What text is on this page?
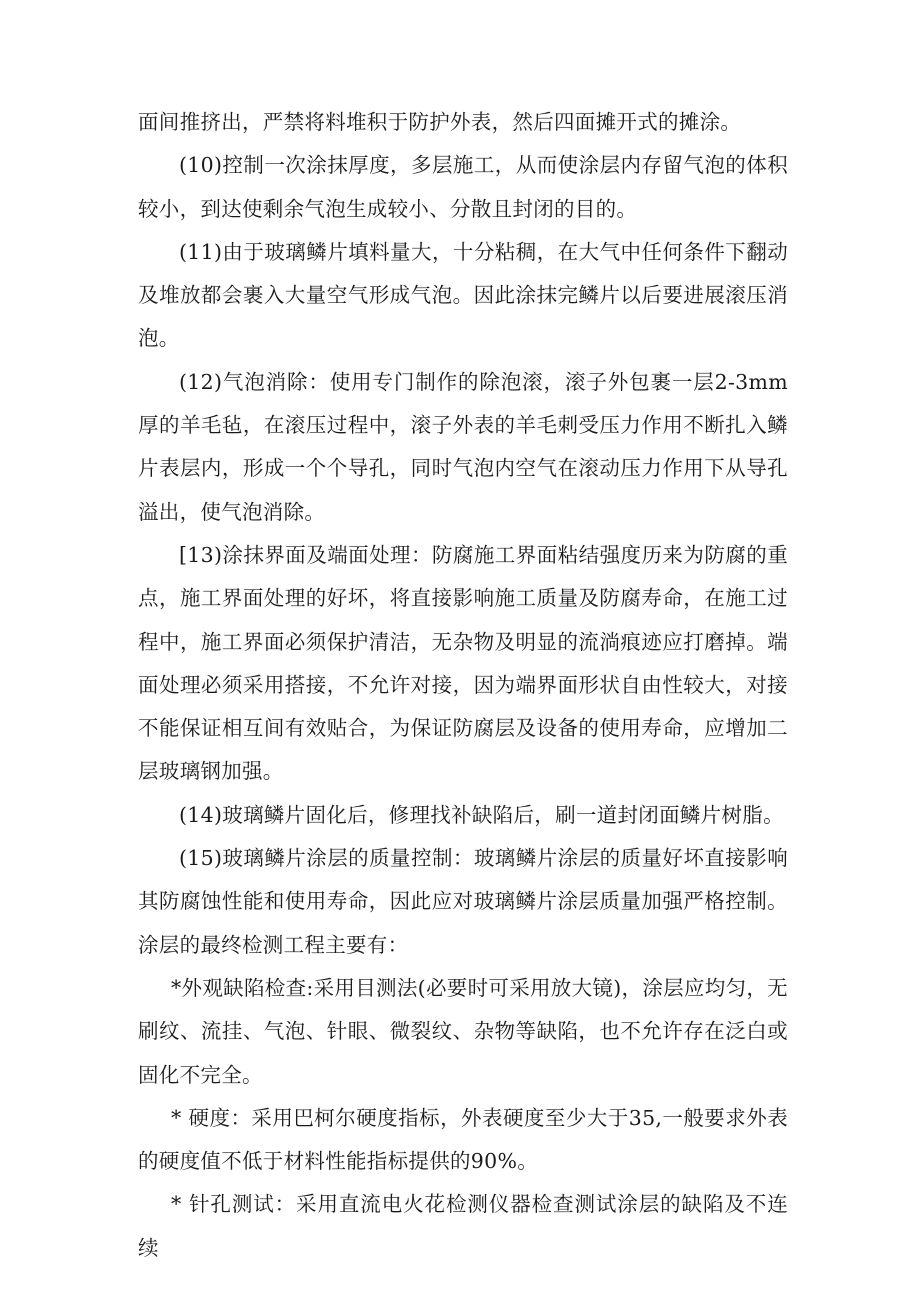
面间推挤出，严禁将料堆积于防护外表，然后四面摊开式的摊涂。

(10)控制一次涂抹厚度，多层施工，从而使涂层内存留气泡的体积较小，到达使剩余气泡生成较小、分散且封闭的目的。

(11)由于玻璃鳞片填料量大，十分粘稠，在大气中任何条件下翻动及堆放都会裹入大量空气形成气泡。因此涂抹完鳞片以后要进展滚压消泡。

(12)气泡消除：使用专门制作的除泡滚，滚子外包裹一层2-3mm厚的羊毛毡，在滚压过程中，滚子外表的羊毛刺受压力作用不断扎入鳞片表层内，形成一个个导孔，同时气泡内空气在滚动压力作用下从导孔溢出，使气泡消除。

[13)涂抹界面及端面处理：防腐施工界面粘结强度历来为防腐的重点，施工界面处理的好坏，将直接影响施工质量及防腐寿命，在施工过程中，施工界面必须保护清洁，无杂物及明显的流淌痕迹应打磨掉。端面处理必须采用搭接，不允许对接，因为端界面形状自由性较大，对接不能保证相互间有效贴合，为保证防腐层及设备的使用寿命，应增加二层玻璃钢加强。

(14)玻璃鳞片固化后，修理找补缺陷后，刷一道封闭面鳞片树脂。

(15)玻璃鳞片涂层的质量控制：玻璃鳞片涂层的质量好坏直接影响其防腐蚀性能和使用寿命，因此应对玻璃鳞片涂层质量加强严格控制。涂层的最终检测工程主要有：

*外观缺陷检查:采用目测法(必要时可采用放大镜)，涂层应均匀，无刷纹、流挂、气泡、针眼、微裂纹、杂物等缺陷，也不允许存在泛白或固化不完全。

* 硬度：采用巴柯尔硬度指标，外表硬度至少大于35,一般要求外表的硬度值不低于材料性能指标提供的90%。

* 针孔测试：采用直流电火花检测仪器检查测试涂层的缺陷及不连续
